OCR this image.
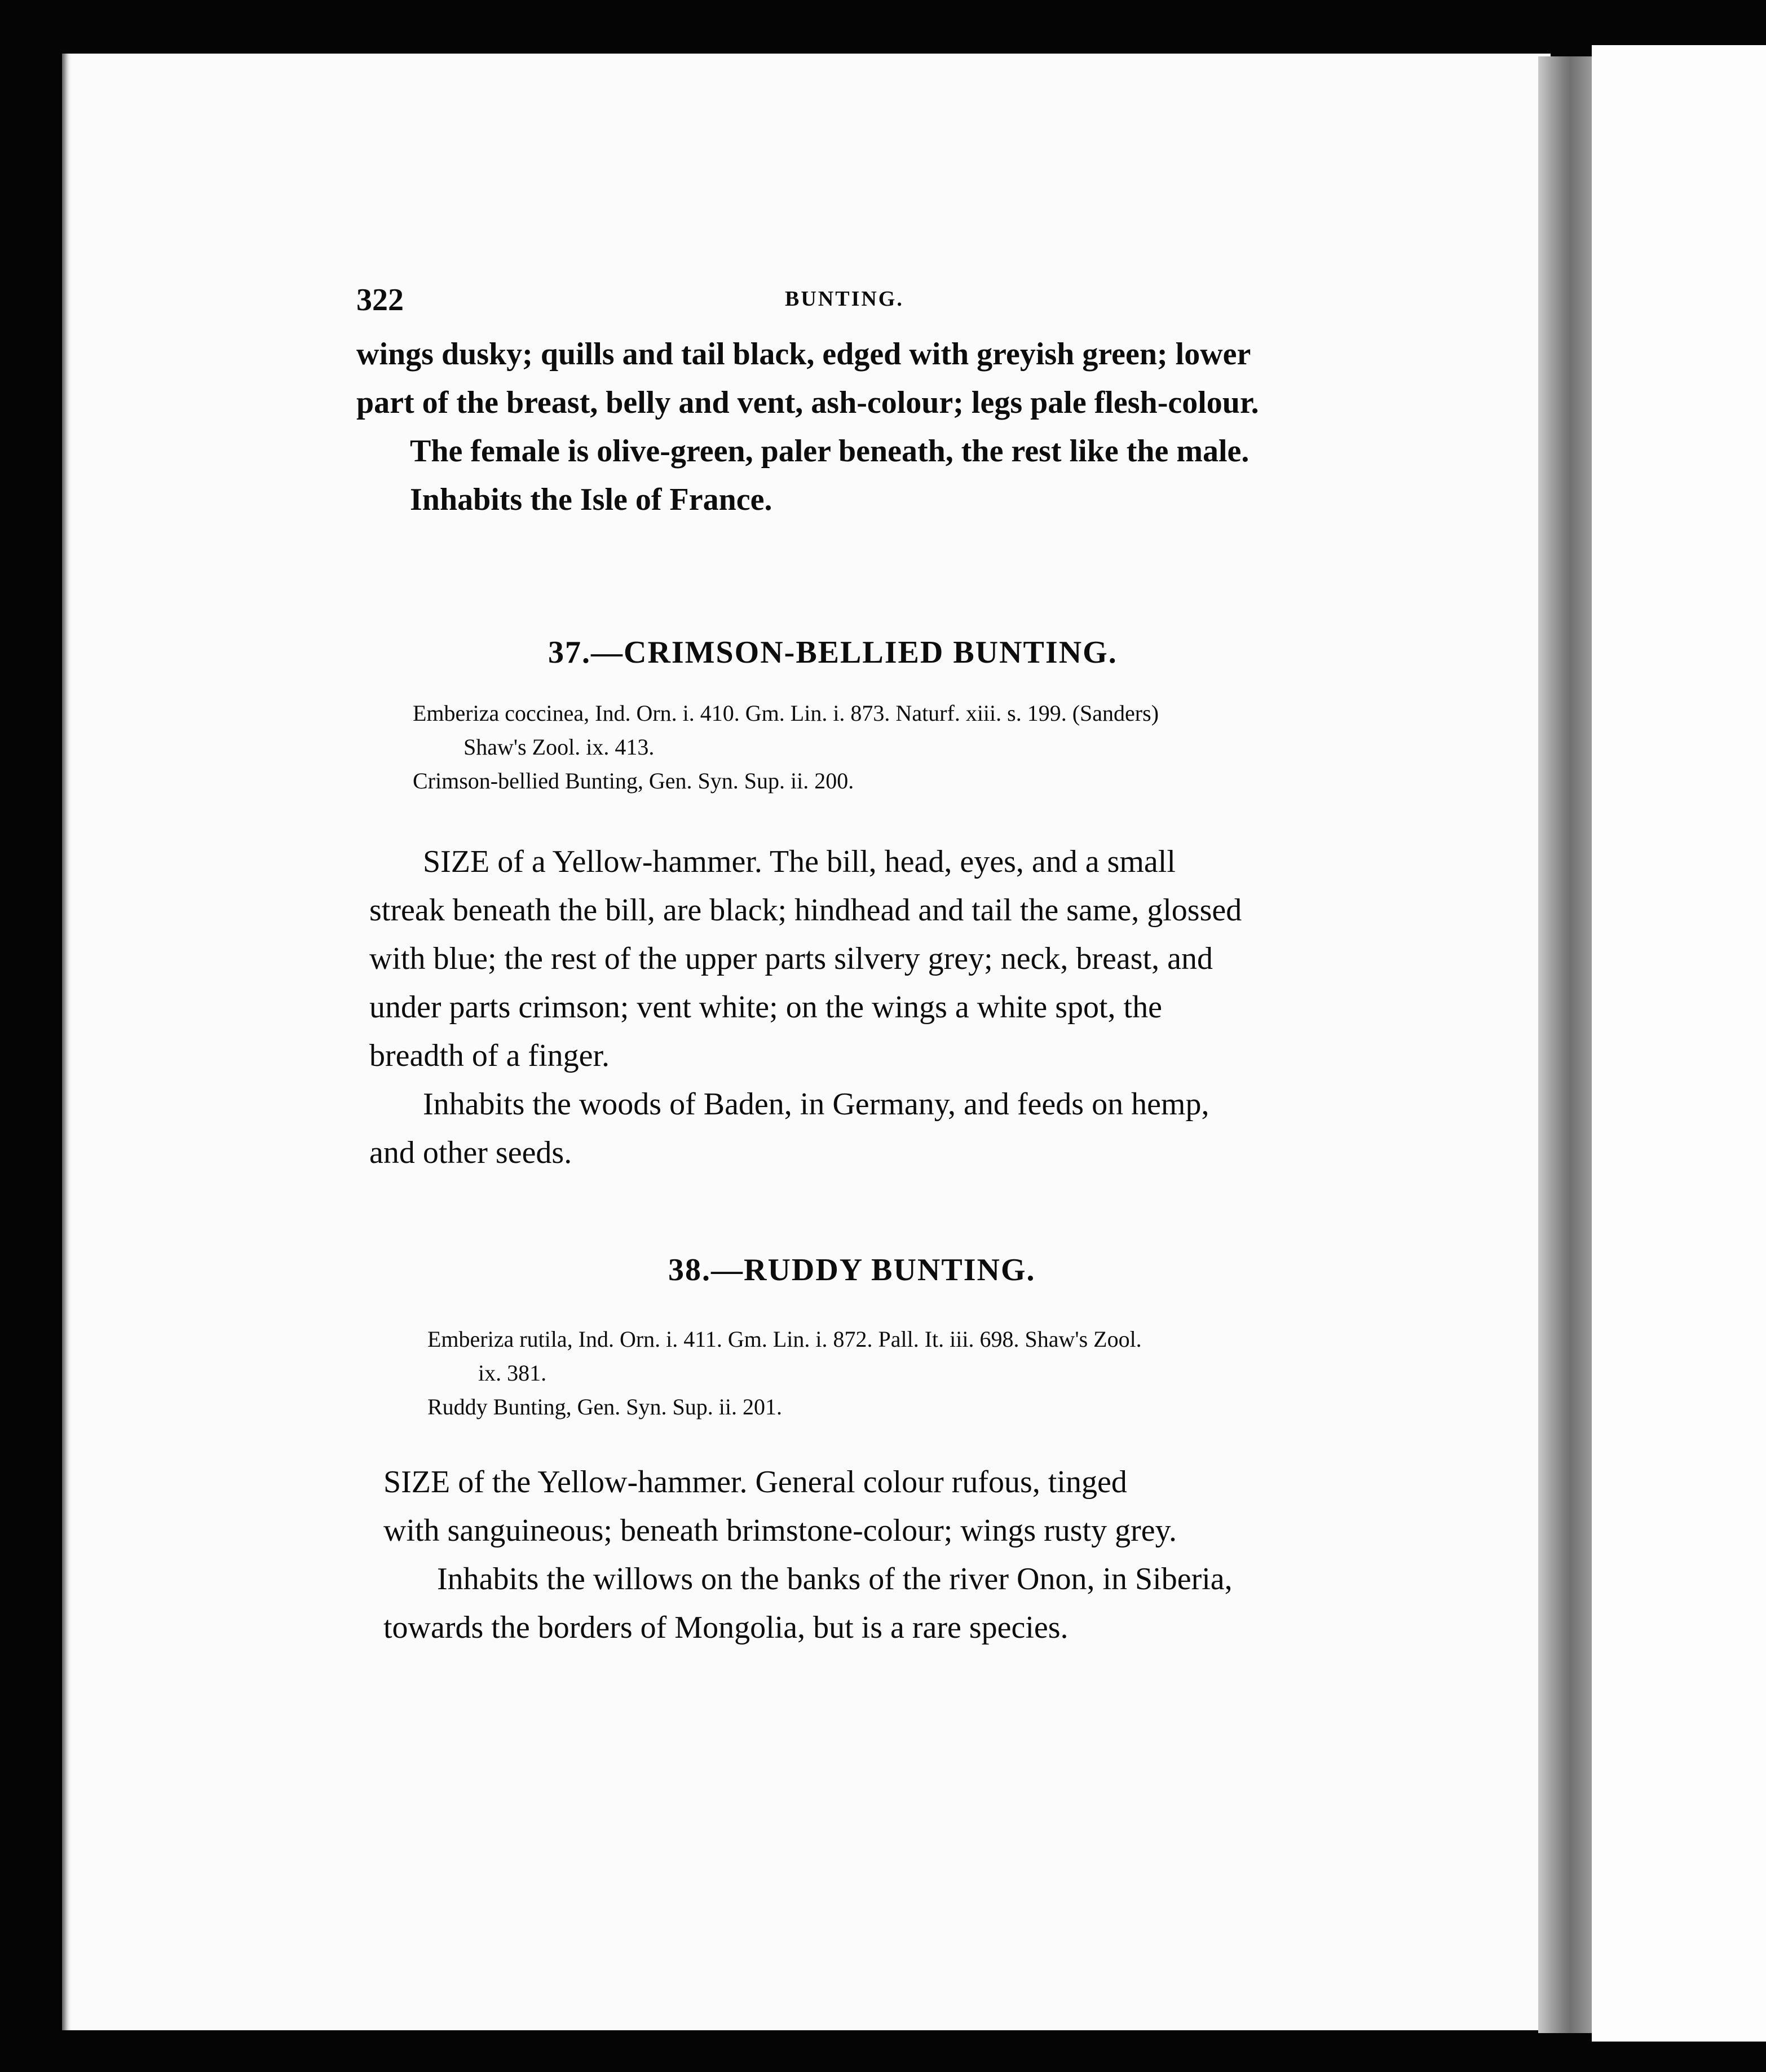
322	BUNTING.

wings dusky; quills and tail black, edged with greyish green; lower

part of the breast, belly and vent, ash-colour; legs pale flesh-colour.

The female is olive-green, paler beneath, the rest like the male.

Inhabits the Isle of France.

37.—CRIMSON-BELLIED BUNTING.

Emberiza coccinea, Ind. Orn. i. 410. Gm. Lin. i. 873. Naturf. xiii. s. 199. (Sanders)

Shaw's Zool. ix. 413.

Crimson-bellied Bunting, Gen. Syn. Sup. ii. 200.

SIZE of a Yellow-hammer. The bill, head, eyes, and a small

streak beneath the bill, are black; hindhead and tail the same, glossed

with blue; the rest of the upper parts silvery grey; neck, breast, and

under parts crimson; vent white; on the wings a white spot, the

breadth of a finger.

Inhabits the woods of Baden, in Germany, and feeds on hemp,

and other seeds.

38.—RUDDY BUNTING.

Emberiza rutila, Ind. Orn. i. 411. Gm. Lin. i. 872. Pall. It. iii. 698. Shaw's Zool.

ix. 381.

Ruddy Bunting, Gen. Syn. Sup. ii. 201.

SIZE of the Yellow-hammer. General colour rufous, tinged

with sanguineous; beneath brimstone-colour; wings rusty grey.

Inhabits the willows on the banks of the river Onon, in Siberia,

towards the borders of Mongolia, but is a rare species.
